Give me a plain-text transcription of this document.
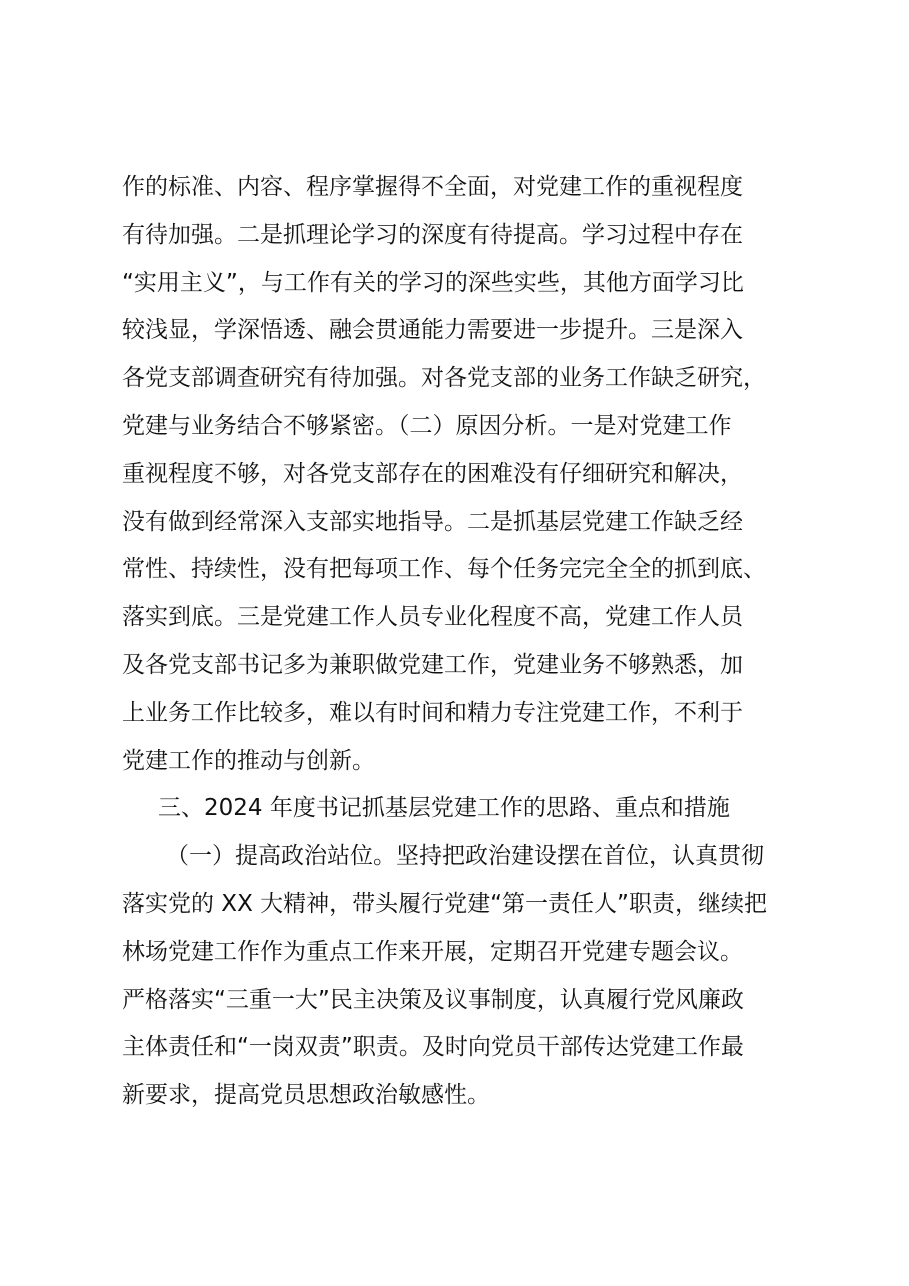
作的标准、内容、程序掌握得不全面，对党建工作的重视程度
有待加强。二是抓理论学习的深度有待提高。学习过程中存在
“实用主义”，与工作有关的学习的深些实些，其他方面学习比
较浅显，学深悟透、融会贯通能力需要进一步提升。三是深入
各党支部调查研究有待加强。对各党支部的业务工作缺乏研究，
党建与业务结合不够紧密。（二）原因分析。一是对党建工作
重视程度不够，对各党支部存在的困难没有仔细研究和解决，
没有做到经常深入支部实地指导。二是抓基层党建工作缺乏经
常性、持续性，没有把每项工作、每个任务完完全全的抓到底、
落实到底。三是党建工作人员专业化程度不高，党建工作人员
及各党支部书记多为兼职做党建工作，党建业务不够熟悉，加
上业务工作比较多，难以有时间和精力专注党建工作，不利于
党建工作的推动与创新。
三、2024 年度书记抓基层党建工作的思路、重点和措施
（一）提高政治站位。坚持把政治建设摆在首位，认真贯彻
落实党的 XX 大精神，带头履行党建“第一责任人”职责，继续把
林场党建工作作为重点工作来开展，定期召开党建专题会议。
严格落实“三重一大”民主决策及议事制度，认真履行党风廉政
主体责任和“一岗双责”职责。及时向党员干部传达党建工作最
新要求，提高党员思想政治敏感性。
